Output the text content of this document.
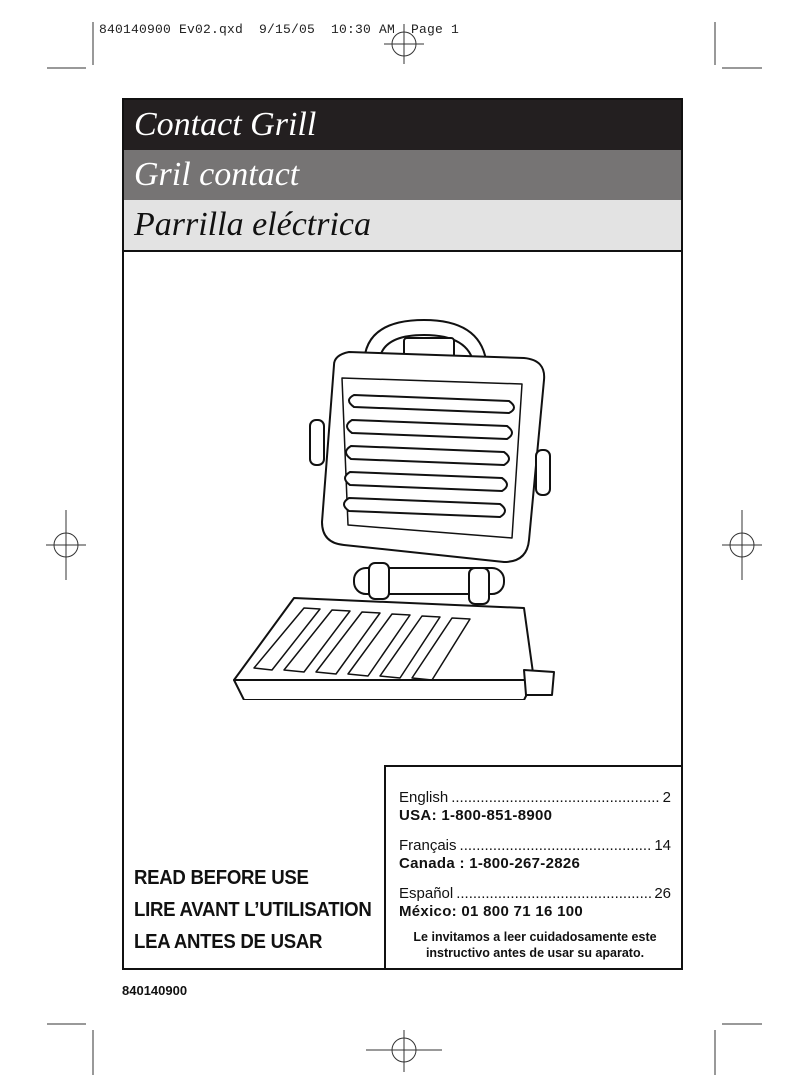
840140900 Ev02.qxd  9/15/05  10:30 AM  Page 1
Contact Grill
Gril contact
Parrilla eléctrica
READ BEFORE USE
LIRE AVANT L’UTILISATION
LEA ANTES DE USAR
English .....	2
USA: 1-800-851-8900
Français .....	14
Canada : 1-800-267-2826
Español .....	26
México: 01 800 71 16 100
Le invitamos a leer cuidadosamente este instructivo antes de usar su aparato.
840140900
